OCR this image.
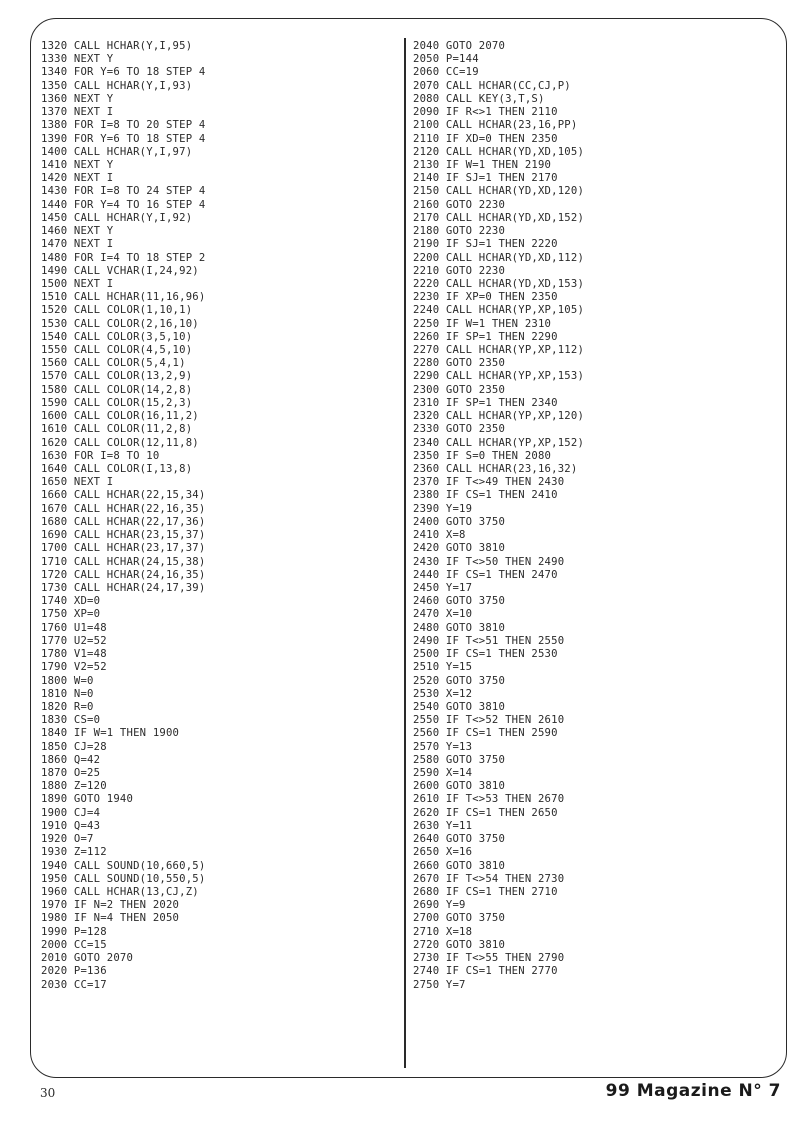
1320 CALL HCHAR(Y,I,95)
1330 NEXT Y
1340 FOR Y=6 TO 18 STEP 4
1350 CALL HCHAR(Y,I,93)
1360 NEXT Y
1370 NEXT I
1380 FOR I=8 TO 20 STEP 4
1390 FOR Y=6 TO 18 STEP 4
1400 CALL HCHAR(Y,I,97)
1410 NEXT Y
1420 NEXT I
1430 FOR I=8 TO 24 STEP 4
1440 FOR Y=4 TO 16 STEP 4
1450 CALL HCHAR(Y,I,92)
1460 NEXT Y
1470 NEXT I
1480 FOR I=4 TO 18 STEP 2
1490 CALL VCHAR(I,24,92)
1500 NEXT I
1510 CALL HCHAR(11,16,96)
1520 CALL COLOR(1,10,1)
1530 CALL COLOR(2,16,10)
1540 CALL COLOR(3,5,10)
1550 CALL COLOR(4,5,10)
1560 CALL COLOR(5,4,1)
1570 CALL COLOR(13,2,9)
1580 CALL COLOR(14,2,8)
1590 CALL COLOR(15,2,3)
1600 CALL COLOR(16,11,2)
1610 CALL COLOR(11,2,8)
1620 CALL COLOR(12,11,8)
1630 FOR I=8 TO 10
1640 CALL COLOR(I,13,8)
1650 NEXT I
1660 CALL HCHAR(22,15,34)
1670 CALL HCHAR(22,16,35)
1680 CALL HCHAR(22,17,36)
1690 CALL HCHAR(23,15,37)
1700 CALL HCHAR(23,17,37)
1710 CALL HCHAR(24,15,38)
1720 CALL HCHAR(24,16,35)
1730 CALL HCHAR(24,17,39)
1740 XD=0
1750 XP=0
1760 U1=48
1770 U2=52
1780 V1=48
1790 V2=52
1800 W=0
1810 N=0
1820 R=0
1830 CS=0
1840 IF W=1 THEN 1900
1850 CJ=28
1860 Q=42
1870 O=25
1880 Z=120
1890 GOTO 1940
1900 CJ=4
1910 Q=43
1920 O=7
1930 Z=112
1940 CALL SOUND(10,660,5)
1950 CALL SOUND(10,550,5)
1960 CALL HCHAR(13,CJ,Z)
1970 IF N=2 THEN 2020
1980 IF N=4 THEN 2050
1990 P=128
2000 CC=15
2010 GOTO 2070
2020 P=136
2030 CC=17
2040 GOTO 2070
2050 P=144
2060 CC=19
2070 CALL HCHAR(CC,CJ,P)
2080 CALL KEY(3,T,S)
2090 IF R<>1 THEN 2110
2100 CALL HCHAR(23,16,PP)
2110 IF XD=0 THEN 2350
2120 CALL HCHAR(YD,XD,105)
2130 IF W=1 THEN 2190
2140 IF SJ=1 THEN 2170
2150 CALL HCHAR(YD,XD,120)
2160 GOTO 2230
2170 CALL HCHAR(YD,XD,152)
2180 GOTO 2230
2190 IF SJ=1 THEN 2220
2200 CALL HCHAR(YD,XD,112)
2210 GOTO 2230
2220 CALL HCHAR(YD,XD,153)
2230 IF XP=0 THEN 2350
2240 CALL HCHAR(YP,XP,105)
2250 IF W=1 THEN 2310
2260 IF SP=1 THEN 2290
2270 CALL HCHAR(YP,XP,112)
2280 GOTO 2350
2290 CALL HCHAR(YP,XP,153)
2300 GOTO 2350
2310 IF SP=1 THEN 2340
2320 CALL HCHAR(YP,XP,120)
2330 GOTO 2350
2340 CALL HCHAR(YP,XP,152)
2350 IF S=0 THEN 2080
2360 CALL HCHAR(23,16,32)
2370 IF T<>49 THEN 2430
2380 IF CS=1 THEN 2410
2390 Y=19
2400 GOTO 3750
2410 X=8
2420 GOTO 3810
2430 IF T<>50 THEN 2490
2440 IF CS=1 THEN 2470
2450 Y=17
2460 GOTO 3750
2470 X=10
2480 GOTO 3810
2490 IF T<>51 THEN 2550
2500 IF CS=1 THEN 2530
2510 Y=15
2520 GOTO 3750
2530 X=12
2540 GOTO 3810
2550 IF T<>52 THEN 2610
2560 IF CS=1 THEN 2590
2570 Y=13
2580 GOTO 3750
2590 X=14
2600 GOTO 3810
2610 IF T<>53 THEN 2670
2620 IF CS=1 THEN 2650
2630 Y=11
2640 GOTO 3750
2650 X=16
2660 GOTO 3810
2670 IF T<>54 THEN 2730
2680 IF CS=1 THEN 2710
2690 Y=9
2700 GOTO 3750
2710 X=18
2720 GOTO 3810
2730 IF T<>55 THEN 2790
2740 IF CS=1 THEN 2770
2750 Y=7
30	99 Magazine N° 7
